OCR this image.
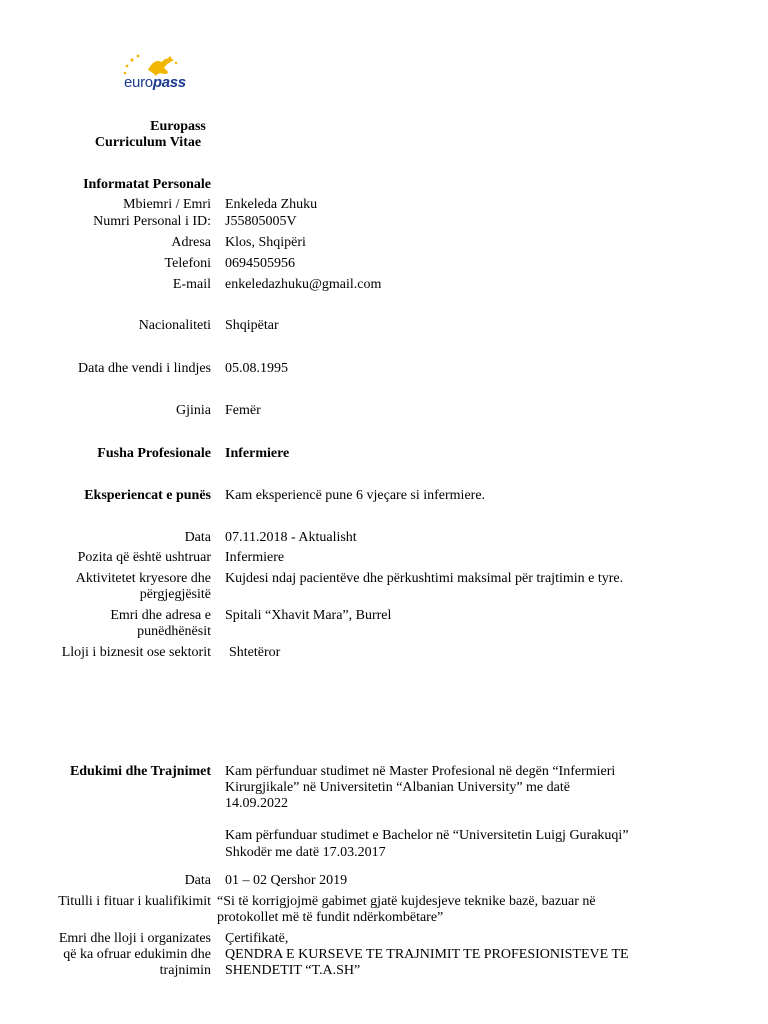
europass
Europass
Curriculum Vitae
Informatat Personale
Mbiemri / Emri Enkeleda Zhuku
Numri Personal i ID: J55805005V
Adresa Klos, Shqipëri
Telefoni 0694505956
E-mail enkeledazhuku@gmail.com
Nacionaliteti Shqipëtar
Data dhe vendi i lindjes 05.08.1995
Gjinia Femër
Fusha Profesionale Infermiere
Eksperiencat e punës Kam eksperiencë pune 6 vjeçare si infermiere.
Data 07.11.2018 - Aktualisht
Pozita që është ushtruar Infermiere
Aktivitetet kryesore dhe
përgjegjësitë
Kujdesi ndaj pacientëve dhe përkushtimi maksimal për trajtimin e tyre.
Emri dhe adresa e
punëdhënësit
Spitali “Xhavit Mara”, Burrel
Lloji i biznesit ose sektorit Shtetëror
Edukimi dhe Trajnimet Kam përfunduar studimet në Master Profesional në degën “Infermieri
Kirurgjikale” në Universitetin “Albanian University” me datë
14.09.2022
Kam përfunduar studimet e Bachelor në “Universitetin Luigj Gurakuqi”
Shkodër me datë 17.03.2017
Data 01 – 02 Qershor 2019
Titulli i fituar i kualifikimit “Si të korrigjojmë gabimet gjatë kujdesjeve teknike bazë, bazuar në
protokollet më të fundit ndërkombëtare”
Emri dhe lloji i organizates
që ka ofruar edukimin dhe
trajnimin
Çertifikatë,
QENDRA E KURSEVE TE TRAJNIMIT TE PROFESIONISTEVE TE
SHENDETIT “T.A.SH”
